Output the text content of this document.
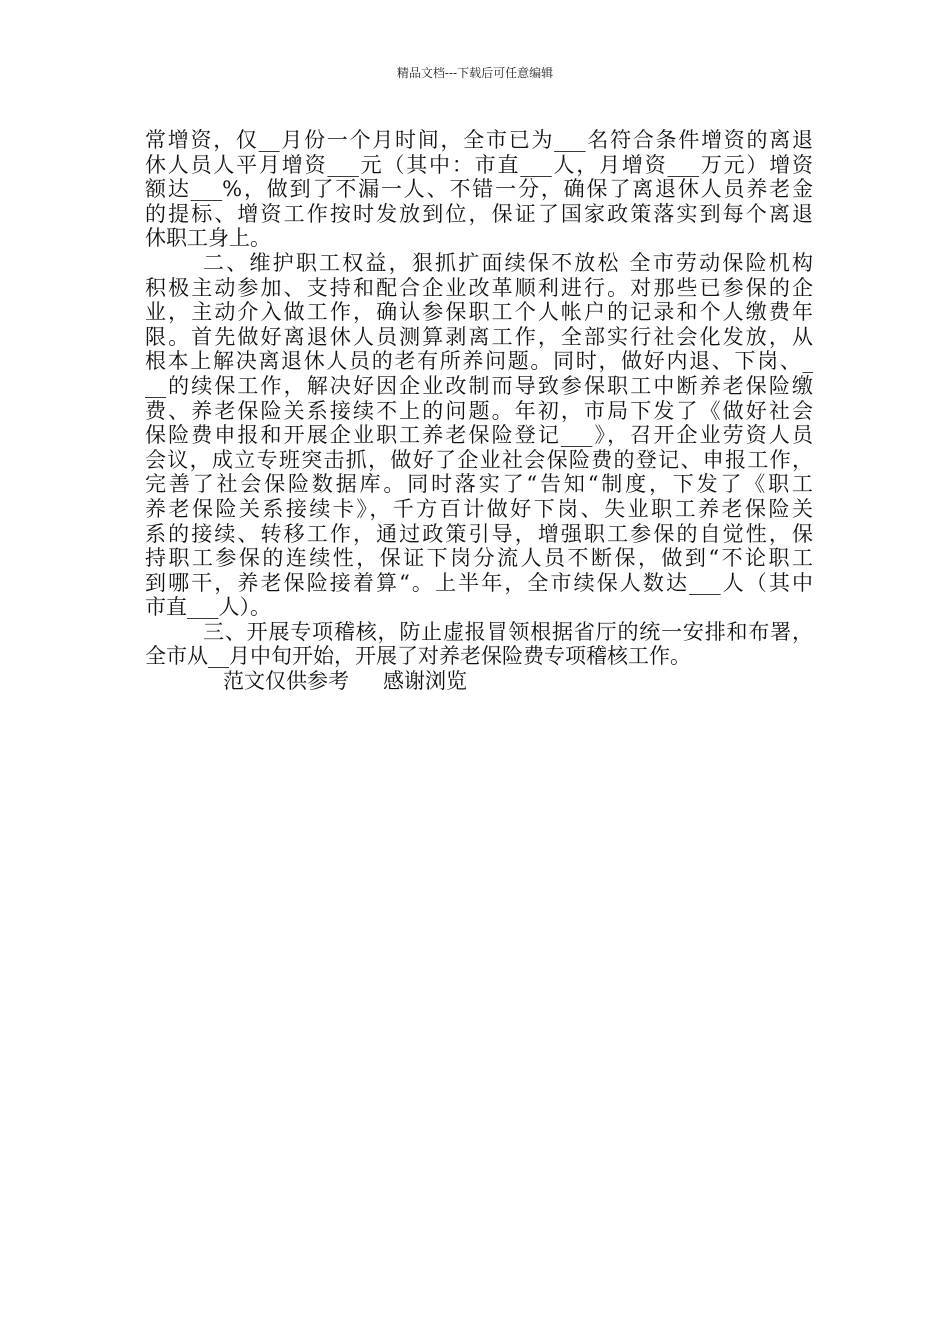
精品文档---下载后可任意编辑
常增资，仅__月份一个月时间，全市已为___名符合条件增资的离退
休人员人平月增资___元（其中：市直___人，月增资___万元）增资
额达___%，做到了不漏一人、不错一分，确保了离退休人员养老金
的提标、增资工作按时发放到位，保证了国家政策落实到每个离退
休职工身上。
二、维护职工权益，狠抓扩面续保不放松 全市劳动保险机构
积极主动参加、支持和配合企业改革顺利进行。对那些已参保的企
业，主动介入做工作，确认参保职工个人帐户的记录和个人缴费年
限。首先做好离退休人员测算剥离工作，全部实行社会化发放，从
根本上解决离退休人员的老有所养问题。同时，做好内退、下岗、_
__的续保工作，解决好因企业改制而导致参保职工中断养老保险缴
费、养老保险关系接续不上的问题。年初，市局下发了《做好社会
保险费申报和开展企业职工养老保险登记___》，召开企业劳资人员
会议，成立专班突击抓，做好了企业社会保险费的登记、申报工作，
完善了社会保险数据库。同时落实了“告知“制度，下发了《职工
养老保险关系接续卡》，千方百计做好下岗、失业职工养老保险关
系的接续、转移工作，通过政策引导，增强职工参保的自觉性，保
持职工参保的连续性，保证下岗分流人员不断保，做到“不论职工
到哪干，养老保险接着算“。上半年，全市续保人数达___人（其中
市直___人）。
三、开展专项稽核，防止虚报冒领根据省厅的统一安排和布署，
全市从__月中旬开始，开展了对养老保险费专项稽核工作。
范文仅供参考 感谢浏览
